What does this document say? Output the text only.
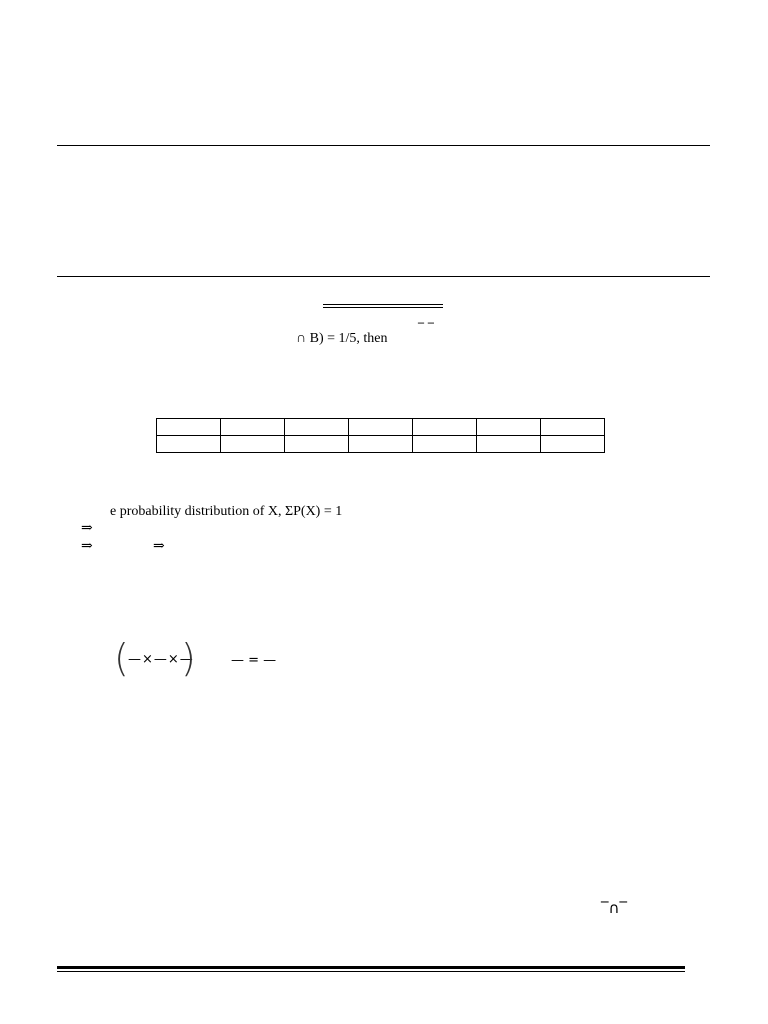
‾ ‾
∩ B) = 1/5, then

e probability distribution of X, ΣP(X) = 1
⇒
⇒	⇒
( —×—×—
)	— = —
‾∩‾
